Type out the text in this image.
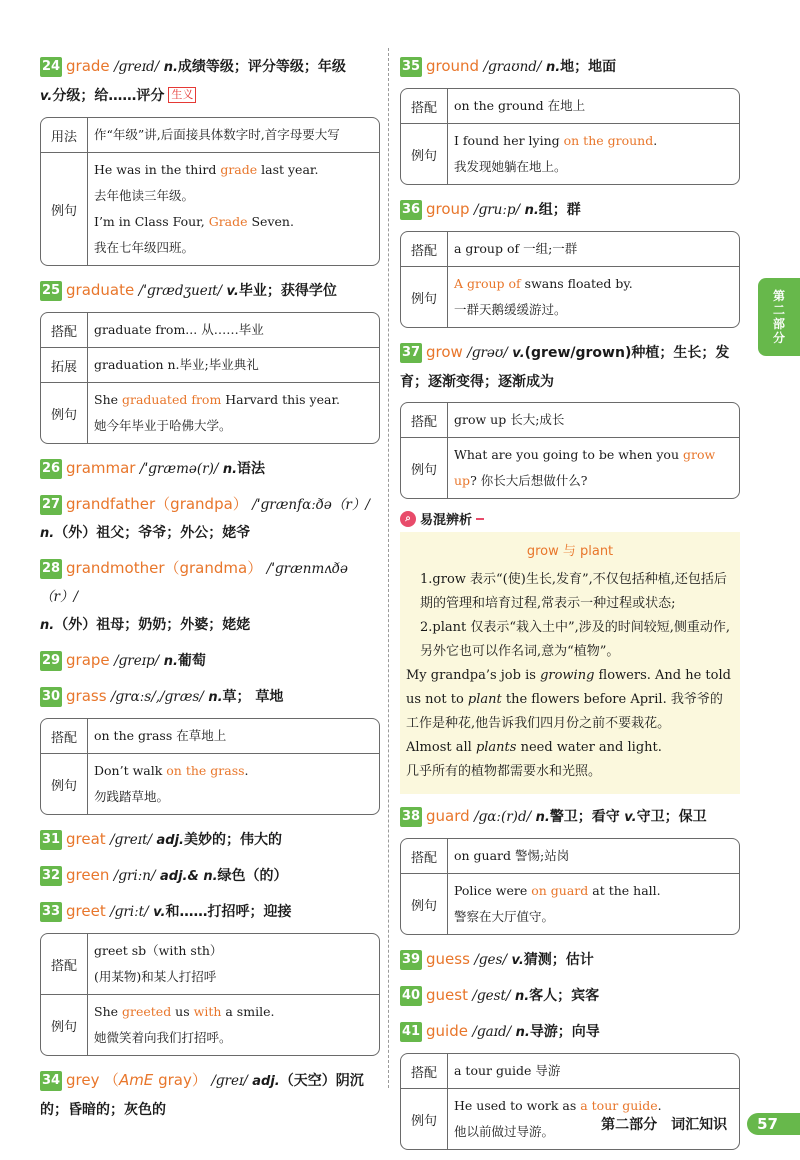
24 grade /ɡreɪd/ n.成绩等级；评分等级；年级
v.分级；给……评分 生义
用法	作“年级”讲,后面接具体数字时,首字母要大写

例句	He was in the third grade last year.
去年他读三年级。
I’m in Class Four, Grade Seven.
我在七年级四班。
25 graduate /ˈɡrædʒueɪt/ v.毕业；获得学位
搭配	graduate from... 从……毕业

拓展	graduation n.毕业;毕业典礼

例句	She graduated from Harvard this year.
她今年毕业于哈佛大学。
26 grammar /ˈɡræmə(r)/ n.语法
27 grandfather（grandpa） /ˈɡrænfɑːðə（r）/
n.（外）祖父；爷爷；外公；姥爷
28 grandmother（grandma） /ˈɡrænmʌðə（r）/
n.（外）祖母；奶奶；外婆；姥姥
29 grape /ɡreɪp/ n.葡萄
30 grass /ɡrɑːs/,/ɡræs/ n.草； 草地
搭配	on the grass 在草地上

例句	Don’t walk on the grass.
勿践踏草地。
31 great /ɡreɪt/ adj.美妙的；伟大的
32 green /ɡriːn/ adj.& n.绿色（的）
33 greet /ɡriːt/ v.和……打招呼；迎接
搭配	greet sb（with sth）
(用某物)和某人打招呼

例句	She greeted us with a smile.
她微笑着向我们打招呼。
34 grey （AmE gray） /ɡreɪ/ adj.（天空）阴沉
的；昏暗的；灰色的
35 ground /ɡraʊnd/ n.地；地面
搭配	on the ground 在地上

例句	I found her lying on the ground.
我发现她躺在地上。
36 group /ɡruːp/ n.组；群
搭配	a group of 一组;一群

例句	A group of swans floated by.
一群天鹅缓缓游过。
37 grow /ɡrəʊ/ v.(grew/grown)种植；生长；发
育；逐渐变得；逐渐成为
搭配	grow up 长大;成长

例句	What are you going to be when you grow up? 你长大后想做什么?
⌕ 易混辨析
grow 与 plant

1.grow 表示“(使)生长,发育”,不仅包括种植,还包括后期的管理和培育过程,常表示一种过程或状态;

2.plant 仅表示“栽入土中”,涉及的时间较短,侧重动作,另外它也可以作名词,意为“植物”。

My grandpa’s job is growing flowers. And he told us not to plant the flowers before April. 我爷爷的工作是种花,他告诉我们四月份之前不要栽花。

Almost all plants need water and light.

几乎所有的植物都需要水和光照。

38 guard /ɡɑː(r)d/ n.警卫；看守 v.守卫；保卫
搭配	on guard 警惕;站岗

例句	Police were on guard at the hall.
警察在大厅值守。
39 guess /ɡes/ v.猜测；估计
40 guest /ɡest/ n.客人；宾客
41 guide /ɡaɪd/ n.导游；向导
搭配	a tour guide 导游

例句	He used to work as a tour guide.
他以前做过导游。
第二部分
第二部分　词汇知识	57
